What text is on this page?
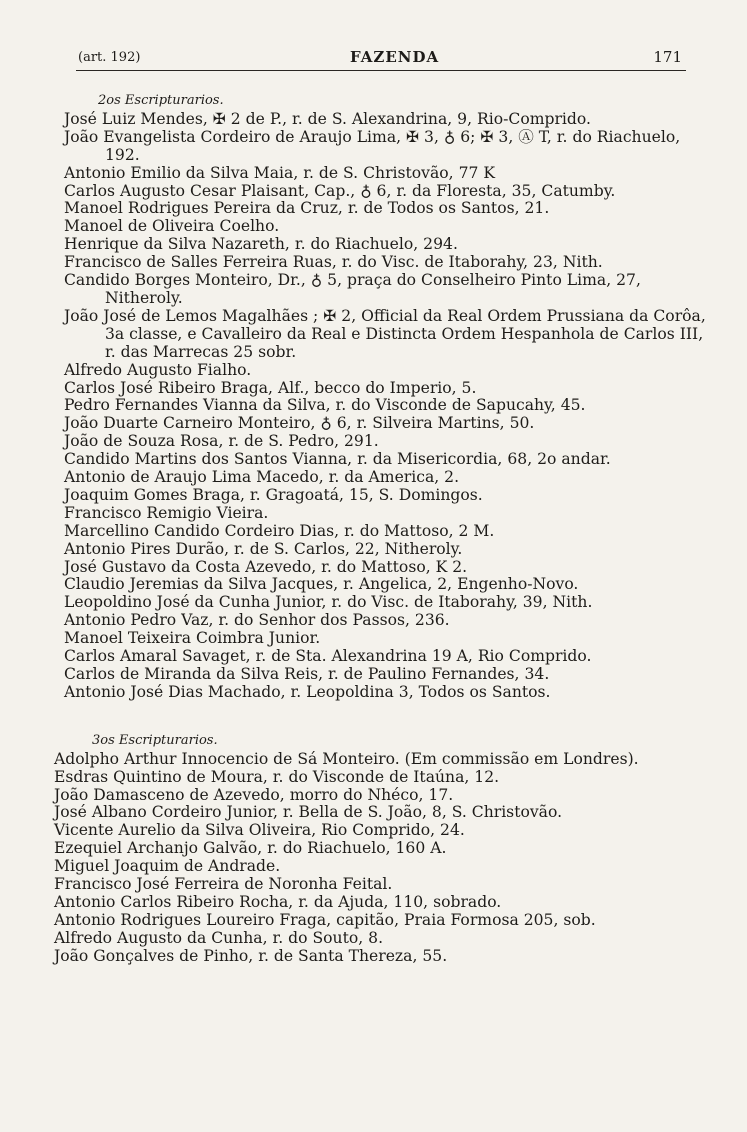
(art. 192)	FAZENDA	171
2os Escripturarios.
José Luiz Mendes, ✠ 2 de P., r. de S. Alexandrina, 9, Rio-Comprido.
João Evangelista Cordeiro de Araujo Lima, ✠ 3, ♁ 6; ✠ 3, Ⓐ T, r. do Riachuelo, 192.
Antonio Emilio da Silva Maia, r. de S. Christovão, 77 K
Carlos Augusto Cesar Plaisant, Cap., ♁ 6, r. da Floresta, 35, Catumby.
Manoel Rodrigues Pereira da Cruz, r. de Todos os Santos, 21.
Manoel de Oliveira Coelho.
Henrique da Silva Nazareth, r. do Riachuelo, 294.
Francisco de Salles Ferreira Ruas, r. do Visc. de Itaborahy, 23, Nith.
Candido Borges Monteiro, Dr., ♁ 5, praça do Conselheiro Pinto Lima, 27, Nitheroly.
João José de Lemos Magalhães ; ✠ 2, Official da Real Ordem Prussiana da Corôa, 3a classe, e Cavalleiro da Real e Distincta Ordem Hespanhola de Carlos III, r. das Marrecas 25 sobr.
Alfredo Augusto Fialho.
Carlos José Ribeiro Braga, Alf., becco do Imperio, 5.
Pedro Fernandes Vianna da Silva, r. do Visconde de Sapucahy, 45.
João Duarte Carneiro Monteiro, ♁ 6, r. Silveira Martins, 50.
João de Souza Rosa, r. de S. Pedro, 291.
Candido Martins dos Santos Vianna, r. da Misericordia, 68, 2o andar.
Antonio de Araujo Lima Macedo, r. da America, 2.
Joaquim Gomes Braga, r. Gragoatá, 15, S. Domingos.
Francisco Remigio Vieira.
Marcellino Candido Cordeiro Dias, r. do Mattoso, 2 M.
Antonio Pires Durão, r. de S. Carlos, 22, Nitheroly.
José Gustavo da Costa Azevedo, r. do Mattoso, K 2.
Claudio Jeremias da Silva Jacques, r. Angelica, 2, Engenho-Novo.
Leopoldino José da Cunha Junior, r. do Visc. de Itaborahy, 39, Nith.
Antonio Pedro Vaz, r. do Senhor dos Passos, 236.
Manoel Teixeira Coimbra Junior.
Carlos Amaral Savaget, r. de Sta. Alexandrina 19 A, Rio Comprido.
Carlos de Miranda da Silva Reis, r. de Paulino Fernandes, 34.
Antonio José Dias Machado, r. Leopoldina 3, Todos os Santos.
3os Escripturarios.
Adolpho Arthur Innocencio de Sá Monteiro. (Em commissão em Londres).
Esdras Quintino de Moura, r. do Visconde de Itaúna, 12.
João Damasceno de Azevedo, morro do Nhéco, 17.
José Albano Cordeiro Junior, r. Bella de S. João, 8, S. Christovão.
Vicente Aurelio da Silva Oliveira, Rio Comprido, 24.
Ezequiel Archanjo Galvão, r. do Riachuelo, 160 A.
Miguel Joaquim de Andrade.
Francisco José Ferreira de Noronha Feital.
Antonio Carlos Ribeiro Rocha, r. da Ajuda, 110, sobrado.
Antonio Rodrigues Loureiro Fraga, capitão, Praia Formosa 205, sob.
Alfredo Augusto da Cunha, r. do Souto, 8.
João Gonçalves de Pinho, r. de Santa Thereza, 55.
